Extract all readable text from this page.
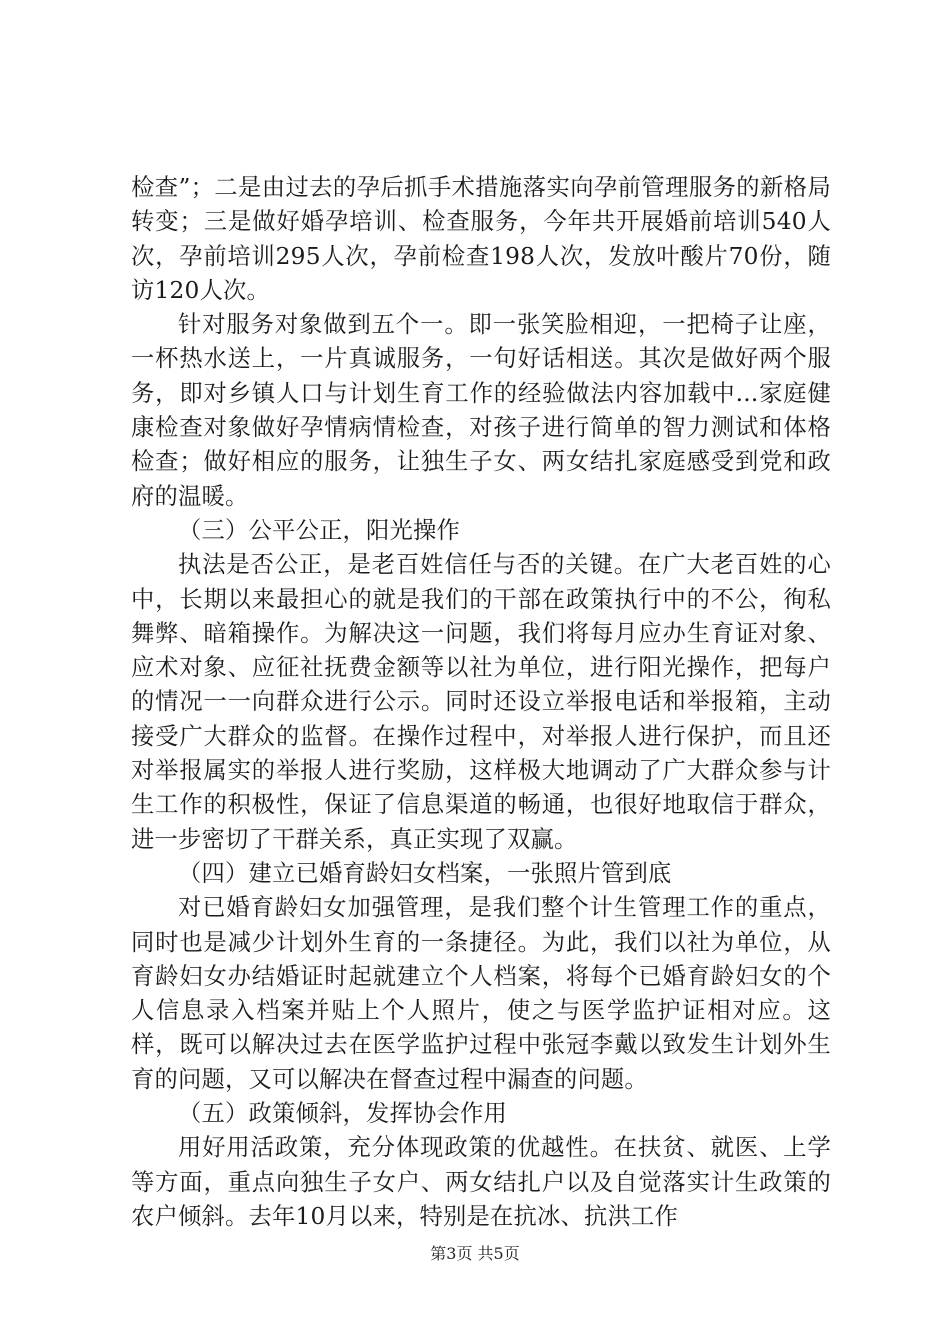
检查”；二是由过去的孕后抓手术措施落实向孕前管理服务的新格局转变；三是做好婚孕培训、检查服务，今年共开展婚前培训540人次，孕前培训295人次，孕前检查198人次，发放叶酸片70份，随访120人次。

针对服务对象做到五个一。即一张笑脸相迎，一把椅子让座，一杯热水送上，一片真诚服务，一句好话相送。其次是做好两个服务，即对乡镇人口与计划生育工作的经验做法内容加载中...家庭健康检查对象做好孕情病情检查，对孩子进行简单的智力测试和体格检查；做好相应的服务，让独生子女、两女结扎家庭感受到党和政府的温暖。

（三）公平公正，阳光操作

执法是否公正，是老百姓信任与否的关键。在广大老百姓的心中，长期以来最担心的就是我们的干部在政策执行中的不公，徇私舞弊、暗箱操作。为解决这一问题，我们将每月应办生育证对象、应术对象、应征社抚费金额等以社为单位，进行阳光操作，把每户的情况一一向群众进行公示。同时还设立举报电话和举报箱，主动接受广大群众的监督。在操作过程中，对举报人进行保护，而且还对举报属实的举报人进行奖励，这样极大地调动了广大群众参与计生工作的积极性，保证了信息渠道的畅通，也很好地取信于群众，进一步密切了干群关系，真正实现了双赢。

（四）建立已婚育龄妇女档案，一张照片管到底

对已婚育龄妇女加强管理，是我们整个计生管理工作的重点，同时也是减少计划外生育的一条捷径。为此，我们以社为单位，从育龄妇女办结婚证时起就建立个人档案，将每个已婚育龄妇女的个人信息录入档案并贴上个人照片，使之与医学监护证相对应。这样，既可以解决过去在医学监护过程中张冠李戴以致发生计划外生育的问题，又可以解决在督查过程中漏查的问题。

（五）政策倾斜，发挥协会作用

用好用活政策，充分体现政策的优越性。在扶贫、就医、上学等方面，重点向独生子女户、两女结扎户以及自觉落实计生政策的农户倾斜。去年10月以来，特别是在抗冰、抗洪工作

第3页 共5页
